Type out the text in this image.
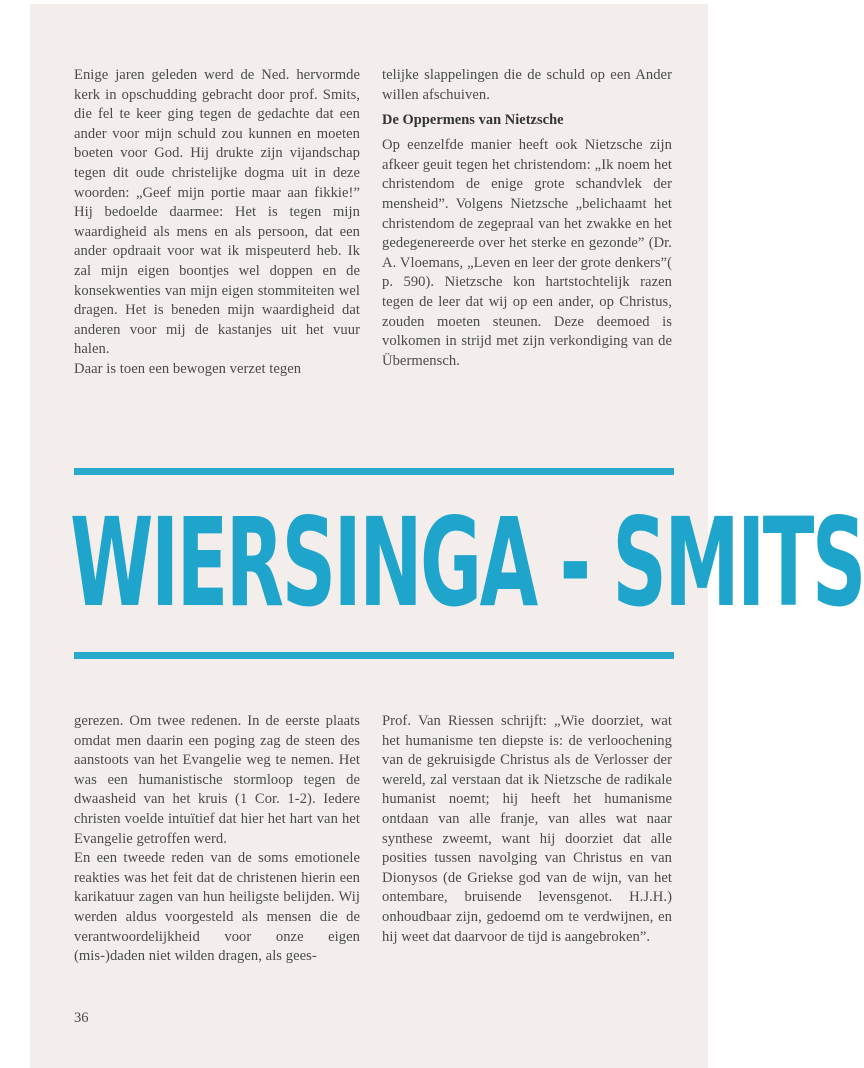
Enige jaren geleden werd de Ned. hervormde kerk in opschudding gebracht door prof. Smits, die fel te keer ging tegen de gedachte dat een ander voor mijn schuld zou kunnen en moeten boeten voor God. Hij drukte zijn vijandschap tegen dit oude christelijke dogma uit in deze woorden: „Geef mijn portie maar aan fikkie!” Hij bedoelde daarmee: Het is tegen mijn waardigheid als mens en als persoon, dat een ander opdraait voor wat ik mispeuterd heb. Ik zal mijn eigen boontjes wel doppen en de konsekwenties van mijn eigen stommiteiten wel dragen. Het is beneden mijn waardigheid dat anderen voor mij de kastanjes uit het vuur halen.

Daar is toen een bewogen verzet tegen

telijke slappelingen die de schuld op een Ander willen afschuiven.

De Oppermens van Nietzsche

Op eenzelfde manier heeft ook Nietzsche zijn afkeer geuit tegen het christendom: „Ik noem het christendom de enige grote schandvlek der mensheid”. Volgens Nietzsche „belichaamt het christendom de zegepraal van het zwakke en het gedegenereerde over het sterke en gezonde” (Dr. A. Vloemans, „Leven en leer der grote denkers”( p. 590). Nietzsche kon hartstochtelijk razen tegen de leer dat wij op een ander, op Christus, zouden moeten steunen. Deze deemoed is volkomen in strijd met zijn verkondiging van de Übermensch.

WIERSINGA - SMITS

gerezen. Om twee redenen. In de eerste plaats omdat men daarin een poging zag de steen des aanstoots van het Evangelie weg te nemen. Het was een humanistische stormloop tegen de dwaasheid van het kruis (1 Cor. 1-2). Iedere christen voelde intuïtief dat hier het hart van het Evangelie getroffen werd.

En een tweede reden van de soms emotionele reakties was het feit dat de christenen hierin een karikatuur zagen van hun heiligste belijden. Wij werden aldus voorgesteld als mensen die de verantwoordelijkheid voor onze eigen (mis-)daden niet wilden dragen, als gees-

Prof. Van Riessen schrijft: „Wie doorziet, wat het humanisme ten diepste is: de verloochening van de gekruisigde Christus als de Verlosser der wereld, zal verstaan dat ik Nietzsche de radikale humanist noemt; hij heeft het humanisme ontdaan van alle franje, van alles wat naar synthese zweemt, want hij doorziet dat alle posities tussen navolging van Christus en van Dionysos (de Griekse god van de wijn, van het ontembare, bruisende levensgenot. H.J.H.) onhoudbaar zijn, gedoemd om te verdwijnen, en hij weet dat daarvoor de tijd is aangebroken”.

36
